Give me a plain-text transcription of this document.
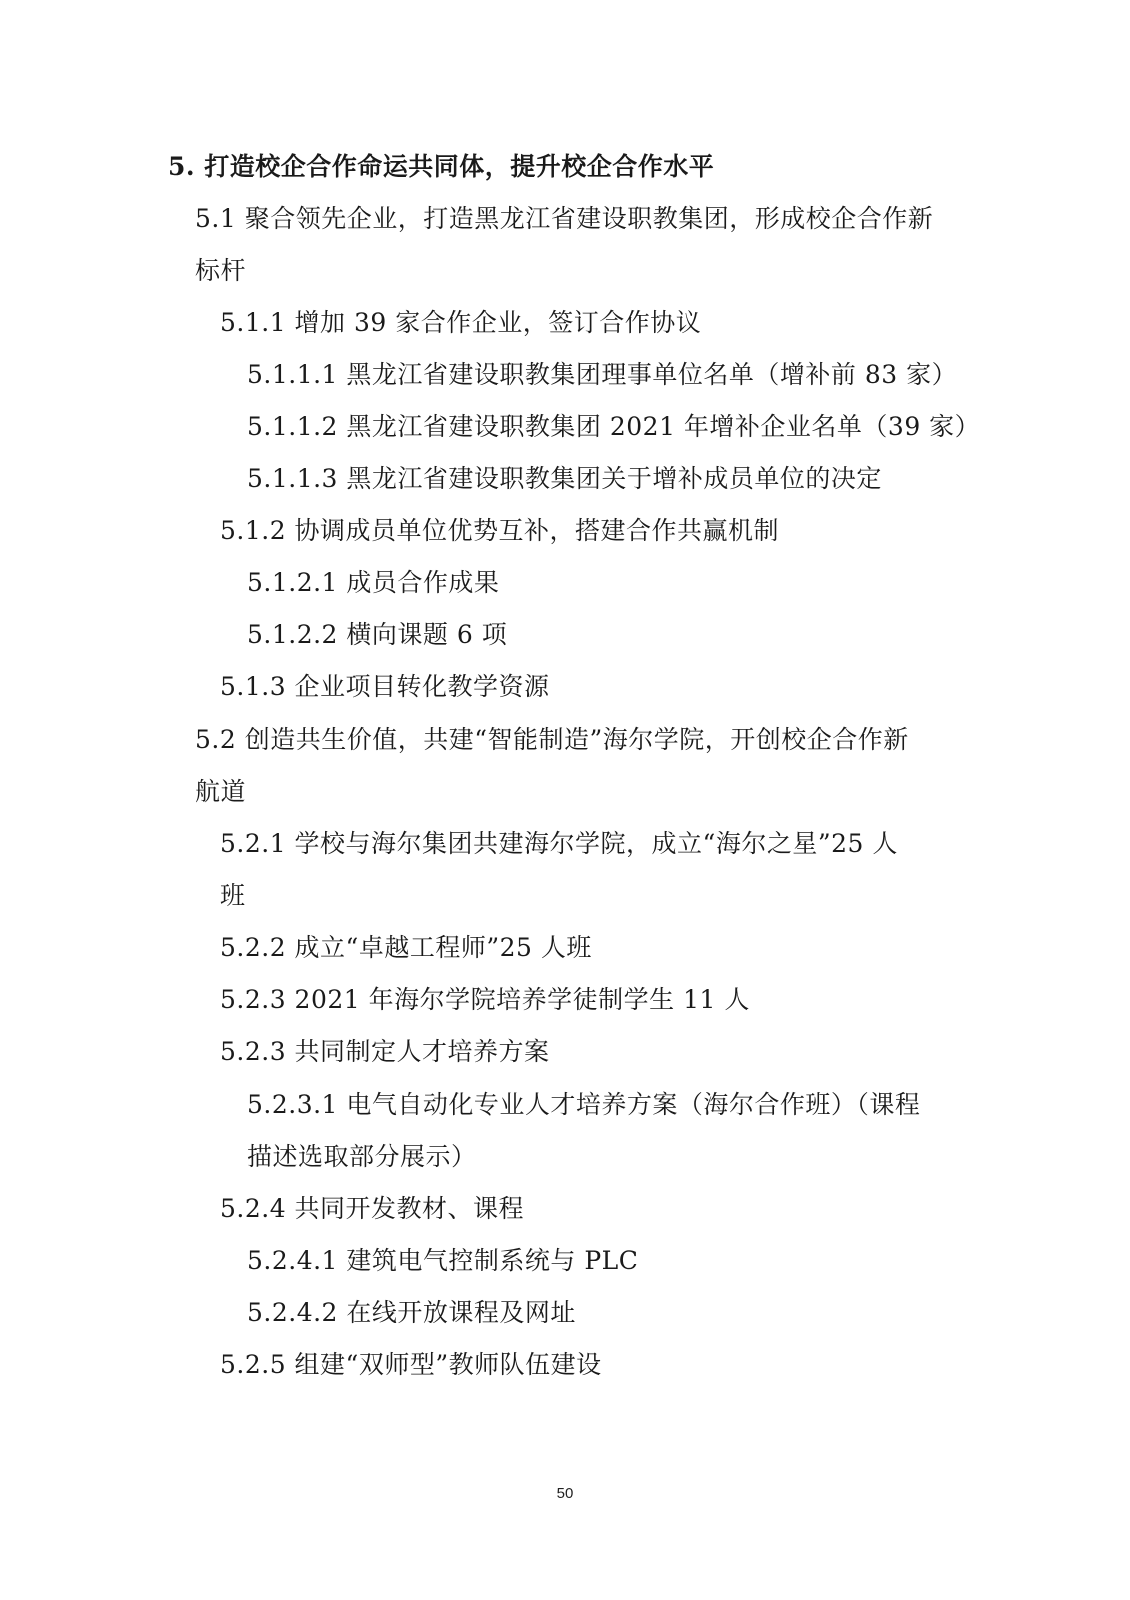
5. 打造校企合作命运共同体，提升校企合作水平
5.1 聚合领先企业，打造黑龙江省建设职教集团，形成校企合作新
标杆
5.1.1 增加 39 家合作企业，签订合作协议
5.1.1.1 黑龙江省建设职教集团理事单位名单（增补前 83 家）
5.1.1.2 黑龙江省建设职教集团 2021 年增补企业名单（39 家）
5.1.1.3 黑龙江省建设职教集团关于增补成员单位的决定
5.1.2 协调成员单位优势互补，搭建合作共赢机制
5.1.2.1 成员合作成果
5.1.2.2 横向课题 6 项
5.1.3 企业项目转化教学资源
5.2 创造共生价值，共建“智能制造”海尔学院，开创校企合作新
航道
5.2.1 学校与海尔集团共建海尔学院，成立“海尔之星”25 人
班
5.2.2 成立“卓越工程师”25 人班
5.2.3 2021 年海尔学院培养学徒制学生 11 人
5.2.3 共同制定人才培养方案
5.2.3.1 电气自动化专业人才培养方案（海尔合作班）（课程
描述选取部分展示）
5.2.4 共同开发教材、课程
5.2.4.1 建筑电气控制系统与 PLC
5.2.4.2 在线开放课程及网址
5.2.5 组建“双师型”教师队伍建设
50
